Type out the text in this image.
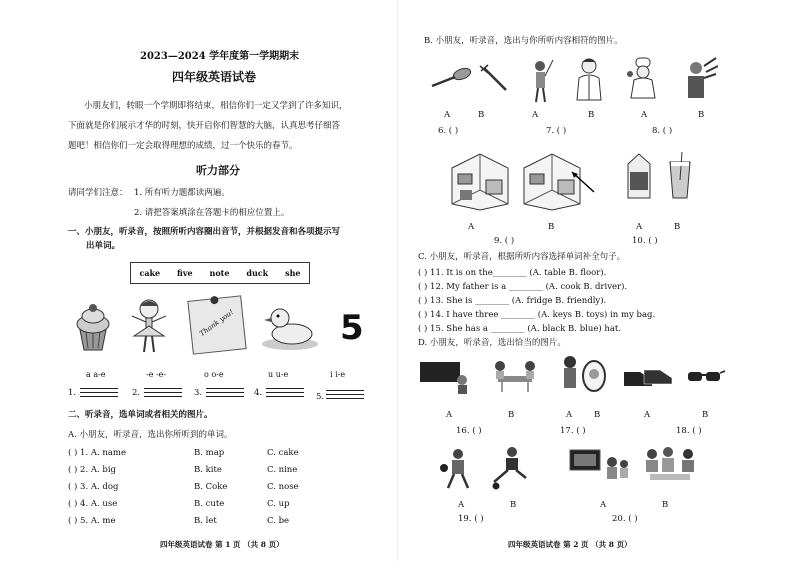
2023—2024 学年度第一学期期末
四年级英语试卷
小朋友们，转眼一个学期即将结束，相信你们一定又学到了许多知识，
下面就是你们展示才华的时刻，快开启你们智慧的大脑，认真思考仔细答
题吧！相信你们一定会取得理想的成绩，过一个快乐的春节。
听力部分
请同学们注意： 1. 所有听力题都读两遍。
2. 请把答案填涂在答题卡的相应位置上。
一、小朋友，听录音，按照所听内容圈出音节，并根据发音和各项提示写
出单词。
cake five note duck she
Thank you!	5
a a-e	-e -e-	o o-e	u u-e	i i-e
1.	2.	3.	4.	5.
二、听录音，选单词或者相关的图片。
A. 小朋友，听录音，选出你所听到的单词。
( ) 1. A. name	B. map	C. cake
( ) 2. A. big	B. kite	C. nine
( ) 3. A. dog	B. Coke	C. nose
( ) 4. A. use	B. cute	C. up
( ) 5. A. me	B. let	C. be
四年级英语试卷 第 1 页 （共 8 页）
B. 小朋友，听录音，选出与你所听内容相符的图片。
A	B	A	B	A	B
6. ( )	7. ( )	8. ( )
A	B	A	B
9. ( )	10. ( )
C. 小朋友，听录音，根据所听内容选择单词补全句子。
( ) 11. It is on the________ (A. table B. floor).
( ) 12. My father is a ________ (A. cook B. driver).
( ) 13. She is ________ (A. fridge B. friendly).
( ) 14. I have three ________ (A. keys B. toys) in my bag.
( ) 15. She has a ________ (A. black B. blue) hat.
D. 小朋友，听录音，选出恰当的图片。
A	B	A	B	A	B
16. ( )	17. ( )	18. ( )
A	B	A	B
19. ( )	20. ( )
四年级英语试卷 第 2 页 （共 8 页）
